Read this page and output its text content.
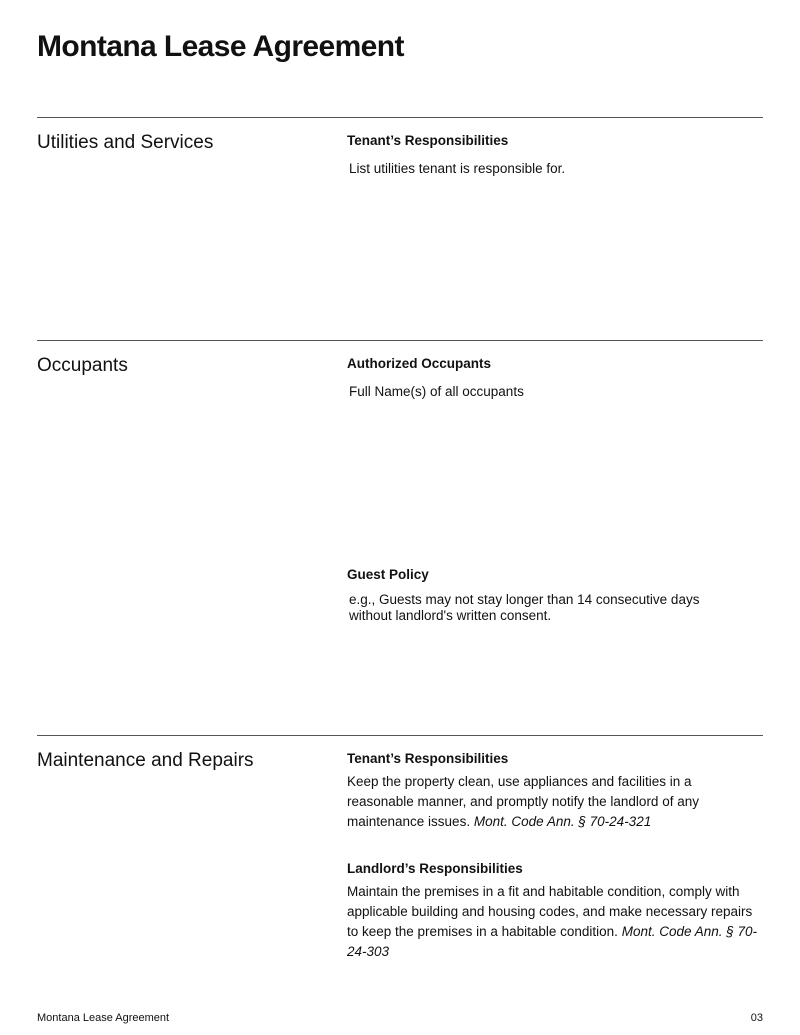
Montana Lease Agreement
Utilities and Services	Tenant’s Responsibilities
List utilities tenant is responsible for.
Occupants	Authorized Occupants
Full Name(s) of all occupants
Guest Policy
e.g., Guests may not stay longer than 14 consecutive days without landlord's written consent.
Maintenance and Repairs	Tenant’s Responsibilities

Keep the property clean, use appliances and facilities in a reasonable manner, and promptly notify the landlord of any maintenance issues. Mont. Code Ann. § 70-24-321

Landlord’s Responsibilities

Maintain the premises in a fit and habitable condition, comply with applicable building and housing codes, and make necessary repairs to keep the premises in a habitable condition. Mont. Code Ann. § 70-24-303

Montana Lease Agreement	03
